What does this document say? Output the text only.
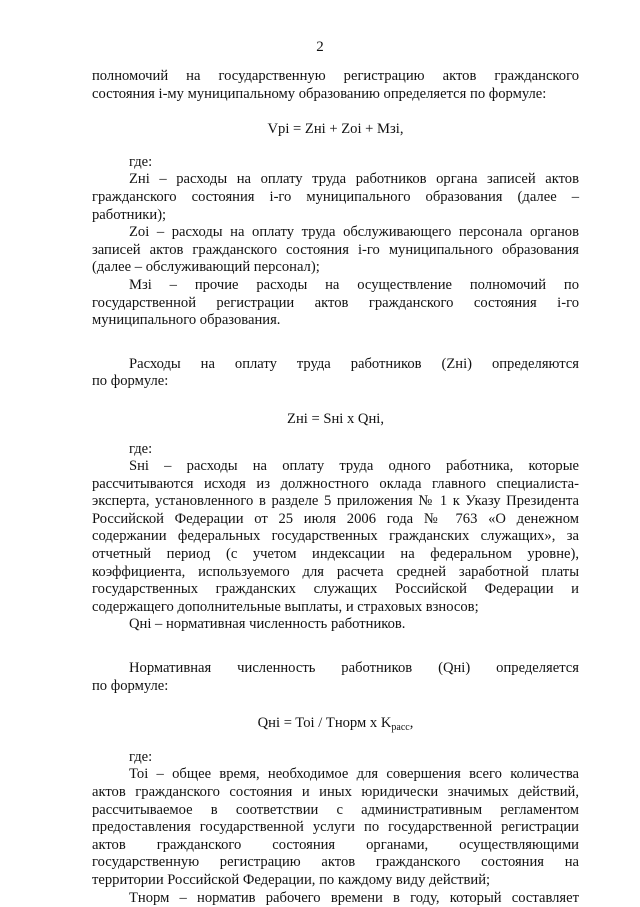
2

полномочий на государственную регистрацию актов гражданского

состояния i-му муниципальному образованию определяется по формуле:

Vpi = Zнi + Zoi + Mзi,

где:

Zнi – расходы на оплату труда работников органа записей актов

гражданского состояния i-го муниципального образования (далее –

работники);

Zoi – расходы на оплату труда обслуживающего персонала органов

записей актов гражданского состояния i-го муниципального образования

(далее – обслуживающий персонал);

Мзi – прочие расходы на осуществление полномочий по

государственной регистрации актов гражданского состояния i-го

муниципального образования.

Расходы на оплату труда работников (Zнi) определяются

по формуле:

Zнi = Sнi x Qнi,

где:

Sнi – расходы на оплату труда одного работника, которые

рассчитываются исходя из должностного оклада главного специалиста-

эксперта, установленного в разделе 5 приложения № 1 к Указу Президента

Российской Федерации от 25 июля 2006 года № 763 «О денежном

содержании федеральных государственных гражданских служащих», за

отчетный период (с учетом индексации на федеральном уровне),

коэффициента, используемого для расчета средней заработной платы

государственных гражданских служащих Российской Федерации и

содержащего дополнительные выплаты, и страховых взносов;

Qнi – нормативная численность работников.

Нормативная численность работников (Qнi) определяется

по формуле:

Qнi = Toi / Тнорм x $K_{расс}$,

где:

Toi – общее время, необходимое для совершения всего количества

актов гражданского состояния и иных юридически значимых действий,

рассчитываемое в соответствии с административным регламентом

предоставления государственной услуги по государственной регистрации

актов гражданского состояния органами, осуществляющими

государственную регистрацию актов гражданского состояния на

территории Российской Федерации, по каждому виду действий;

Тнорм – норматив рабочего времени в году, который составляет
